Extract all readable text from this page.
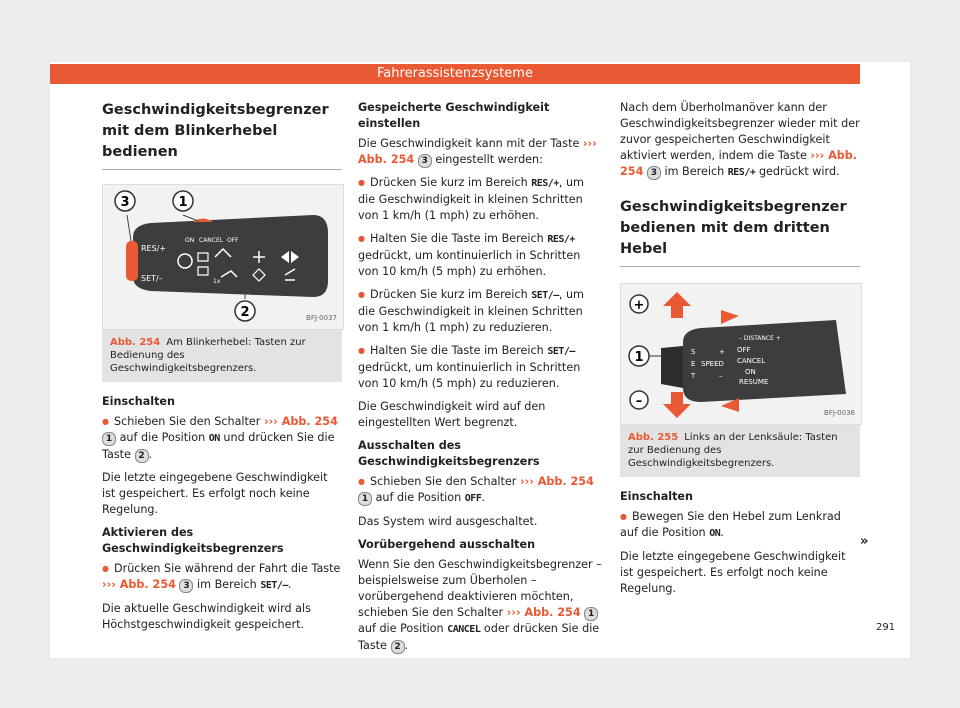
Fahrerassistenzsysteme
Geschwindigkeitsbegrenzer mit dem Blinkerhebel bedienen
RES/+
SET/–
ON CANCEL OFF
1x
3	1
2	BFJ-0037
Abb. 254 Am Blinkerhebel: Tasten zur Bedienung des Geschwindigkeitsbegrenzers.
Einschalten

● Schieben Sie den Schalter ››› Abb. 254 1 auf die Position ON und drücken Sie die Taste 2 .

Die letzte eingegebene Geschwindigkeit ist gespeichert. Es erfolgt noch keine Regelung.

Aktivieren des Geschwindigkeitsbegrenzers

● Drücken Sie während der Fahrt die Taste ››› Abb. 254 3 im Bereich SET/–.

Die aktuelle Geschwindigkeit wird als Höchstgeschwindigkeit gespeichert.

Gespeicherte Geschwindigkeit einstellen

Die Geschwindigkeit kann mit der Taste ››› Abb. 254 3 eingestellt werden:

● Drücken Sie kurz im Bereich RES/+, um die Geschwindigkeit in kleinen Schritten von 1 km/h (1 mph) zu erhöhen.

● Halten Sie die Taste im Bereich RES/+ gedrückt, um kontinuierlich in Schritten von 10 km/h (5 mph) zu erhöhen.

● Drücken Sie kurz im Bereich SET/–, um die Geschwindigkeit in kleinen Schritten von 1 km/h (1 mph) zu reduzieren.

● Halten Sie die Taste im Bereich SET/– gedrückt, um kontinuierlich in Schritten von 10 km/h (5 mph) zu reduzieren.

Die Geschwindigkeit wird auf den eingestellten Wert begrenzt.

Ausschalten des Geschwindigkeitsbegrenzers

● Schieben Sie den Schalter ››› Abb. 254 1 auf die Position OFF.

Das System wird ausgeschaltet.

Vorübergehend ausschalten

Wenn Sie den Geschwindigkeitsbegrenzer – beispielsweise zum Überholen – vorübergehend deaktivieren möchten, schieben Sie den Schalter ››› Abb. 254 1 auf die Position CANCEL oder drücken Sie die Taste 2 .

Nach dem Überholmanöver kann der Geschwindigkeitsbegrenzer wieder mit der zuvor gespeicherten Geschwindigkeit aktiviert werden, indem die Taste ››› Abb. 254 3 im Bereich RES/+ gedrückt wird.

Geschwindigkeitsbegrenzer bedienen mit dem dritten Hebel
+
1
–
– DISTANCE +
S
E
T
SPEED
+
–
OFF
CANCEL
ON
RESUME
BFJ-0036
Abb. 255 Links an der Lenksäule: Tasten zur Bedienung des Geschwindigkeitsbegrenzers.
Einschalten

● Bewegen Sie den Hebel zum Lenkrad auf die Position ON.

Die letzte eingegebene Geschwindigkeit ist gespeichert. Es erfolgt noch keine Regelung.

»
291
